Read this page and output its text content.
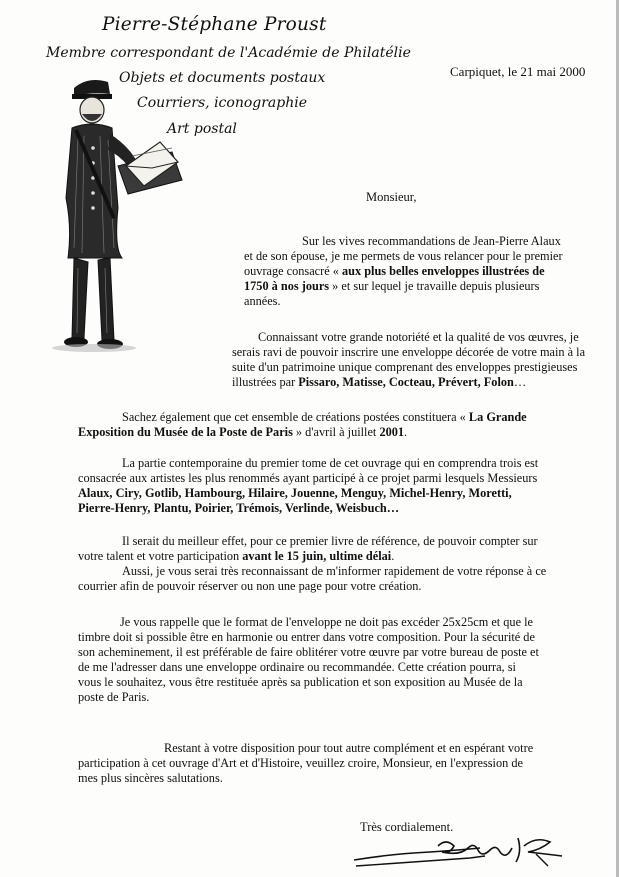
Pierre-Stéphane Proust
Membre correspondant de l'Académie de Philatélie
Objets et documents postaux
Courriers, iconographie
Art postal
Carpiquet, le 21 mai 2000
Monsieur,
Sur les vives recommandations de Jean-Pierre Alaux
et de son épouse, je me permets de vous relancer pour le premier
ouvrage consacré « aux plus belles enveloppes illustrées de
1750 à nos jours » et sur lequel je travaille depuis plusieurs
années.
Connaissant votre grande notoriété et la qualité de vos œuvres, je
serais ravi de pouvoir inscrire une enveloppe décorée de votre main à la
suite d'un patrimoine unique comprenant des enveloppes prestigieuses
illustrées par Pissaro, Matisse, Cocteau, Prévert, Folon…
Sachez également que cet ensemble de créations postées constituera « La Grande
Exposition du Musée de la Poste de Paris » d'avril à juillet 2001.
La partie contemporaine du premier tome de cet ouvrage qui en comprendra trois est
consacrée aux artistes les plus renommés ayant participé à ce projet parmi lesquels Messieurs
Alaux, Ciry, Gotlib, Hambourg, Hilaire, Jouenne, Menguy, Michel-Henry, Moretti,
Pierre-Henry, Plantu, Poirier, Trémois, Verlinde, Weisbuch…
Il serait du meilleur effet, pour ce premier livre de référence, de pouvoir compter sur
votre talent et votre participation avant le 15 juin, ultime délai.
Aussi, je vous serai très reconnaissant de m'informer rapidement de votre réponse à ce
courrier afin de pouvoir réserver ou non une page pour votre création.
Je vous rappelle que le format de l'enveloppe ne doit pas excéder 25x25cm et que le
timbre doit si possible être en harmonie ou entrer dans votre composition. Pour la sécurité de
son acheminement, il est préférable de faire oblitérer votre œuvre par votre bureau de poste et
de me l'adresser dans une enveloppe ordinaire ou recommandée. Cette création pourra, si
vous le souhaitez, vous être restituée après sa publication et son exposition au Musée de la
poste de Paris.
Restant à votre disposition pour tout autre complément et en espérant votre
participation à cet ouvrage d'Art et d'Histoire, veuillez croire, Monsieur, en l'expression de
mes plus sincères salutations.
Très cordialement.
